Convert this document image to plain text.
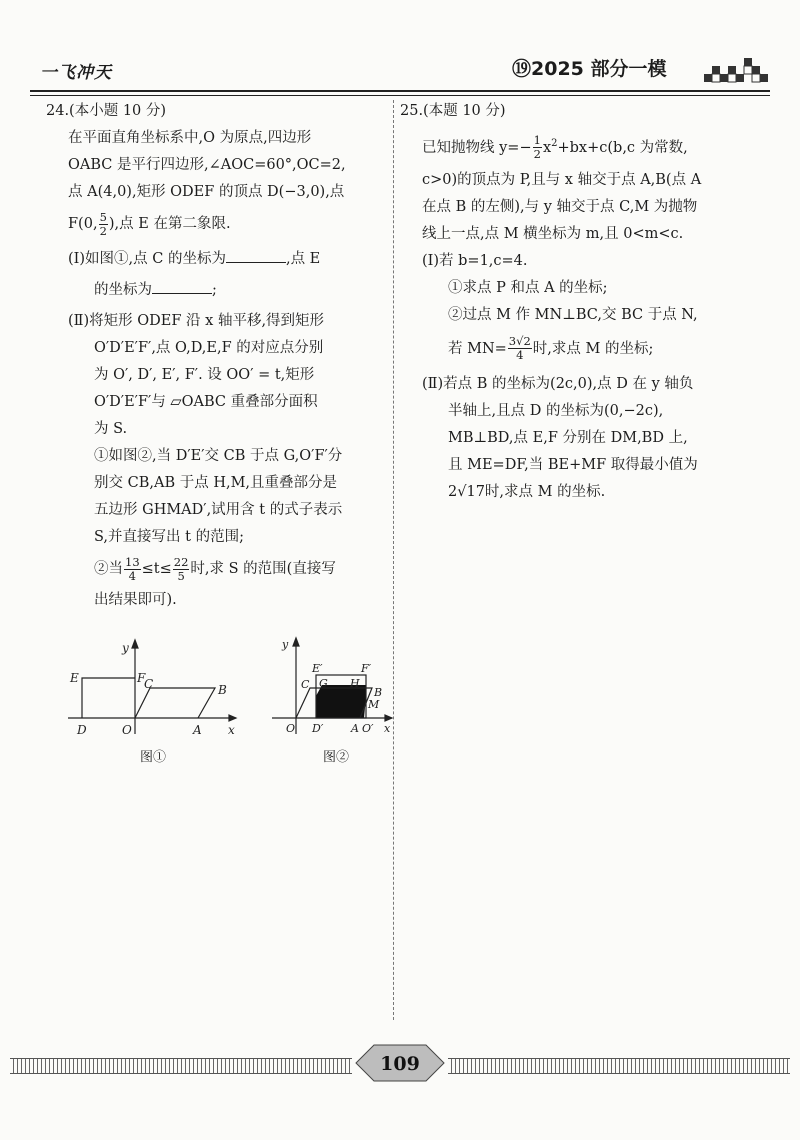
一飞冲天	⑲2025 部分一模

24.(本小题 10 分)

在平面直角坐标系中,O 为原点,四边形

OABC 是平行四边形,∠AOC=60°,OC=2,

点 A(4,0),矩形 ODEF 的顶点 D(−3,0),点

F(0, $\frac{5}{2}$ ),点 E 在第二象限.

(Ⅰ)如图①,点 C 的坐标为	,点 E

的坐标为	;

(Ⅱ)将矩形 ODEF 沿 x 轴平移,得到矩形

O′D′E′F′,点 O,D,E,F 的对应点分别

为 O′, D′, E′, F′. 设 OO′ = t,矩形

O′D′E′F′与 ▱OABC 重叠部分面积

为 S.

①如图②,当 D′E′交 CB 于点 G,O′F′分

别交 CB,AB 于点 H,M,且重叠部分是

五边形 GHMAD′,试用含 t 的式子表示

S,并直接写出 t 的范围;

②当 $\frac{13}{4} \le t\le \frac{22}{5}$ 时,求 S 的范围(直接写

出结果即可).

y
x
E	F
C	B
D	O	A
图①
y
x
E′	F′
C G H
B
M
O D′	A O′
图②

25.(本题 10 分)

已知抛物线 $y=- \frac{1}{2} x^2+bx+c(b,c$ 为常数,

c>0)的顶点为 P,且与 x 轴交于点 A,B(点 A

在点 B 的左侧),与 y 轴交于点 C,M 为抛物

线上一点,点 M 横坐标为 m,且 0<m<c.

(Ⅰ)若 b=1,c=4.

①求点 P 和点 A 的坐标;

②过点 M 作 MN⊥BC,交 BC 于点 N,

若 $MN= \frac{3√2}{4}$ 时,求点 M 的坐标;

(Ⅱ)若点 B 的坐标为(2c,0),点 D 在 y 轴负

半轴上,且点 D 的坐标为(0,−2c),

MB⊥BD,点 E,F 分别在 DM,BD 上,

且 ME=DF,当 BE+MF 取得最小值为

2√17时,求点 M 的坐标.

109
